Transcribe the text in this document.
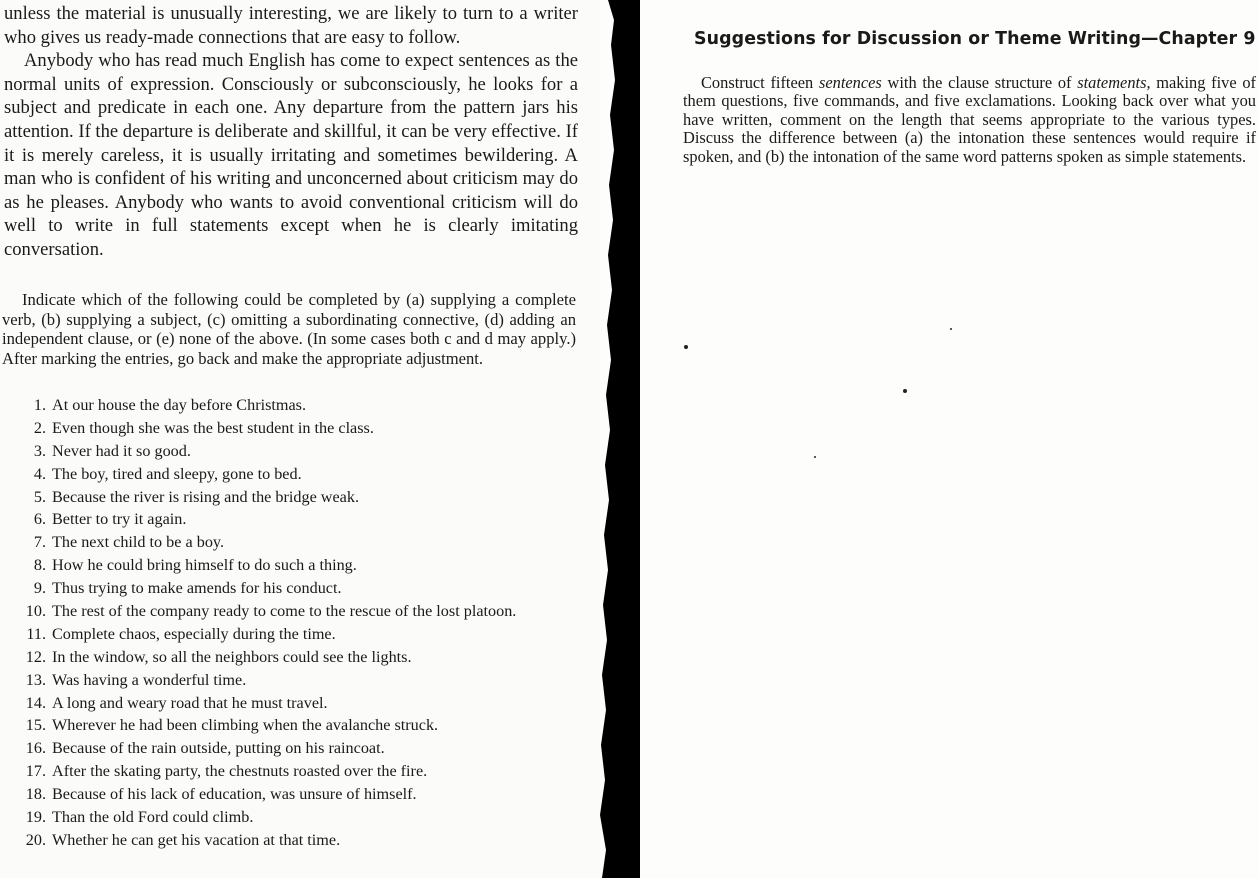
unless the material is unusually interesting, we are likely to turn to a writer who gives us ready-made connections that are easy to follow.

Anybody who has read much English has come to expect sentences as the normal units of expression. Consciously or subconsciously, he looks for a subject and predicate in each one. Any departure from the pattern jars his attention. If the departure is deliberate and skillful, it can be very effective. If it is merely careless, it is usually irritating and sometimes bewildering. A man who is confident of his writing and unconcerned about criticism may do as he pleases. Anybody who wants to avoid conventional criticism will do well to write in full statements except when he is clearly imitating conversation.

Indicate which of the following could be completed by (a) supplying a complete verb, (b) supplying a subject, (c) omitting a subordinating connective, (d) adding an independent clause, or (e) none of the above. (In some cases both c and d may apply.) After marking the entries, go back and make the appropriate adjustment.

1. At our house the day before Christmas.
2. Even though she was the best student in the class.
3. Never had it so good.
4. The boy, tired and sleepy, gone to bed.
5. Because the river is rising and the bridge weak.
6. Better to try it again.
7. The next child to be a boy.
8. How he could bring himself to do such a thing.
9. Thus trying to make amends for his conduct.
10. The rest of the company ready to come to the rescue of the lost platoon.
11. Complete chaos, especially during the time.
12. In the window, so all the neighbors could see the lights.
13. Was having a wonderful time.
14. A long and weary road that he must travel.
15. Wherever he had been climbing when the avalanche struck.
16. Because of the rain outside, putting on his raincoat.
17. After the skating party, the chestnuts roasted over the fire.
18. Because of his lack of education, was unsure of himself.
19. Than the old Ford could climb.
20. Whether he can get his vacation at that time.
Suggestions for Discussion or Theme Writing—Chapter 9

Construct fifteen sentences with the clause structure of statements, making five of them questions, five commands, and five exclamations. Looking back over what you have written, comment on the length that seems appropriate to the various types. Discuss the difference between (a) the intonation these sentences would require if spoken, and (b) the intonation of the same word patterns spoken as simple statements.
